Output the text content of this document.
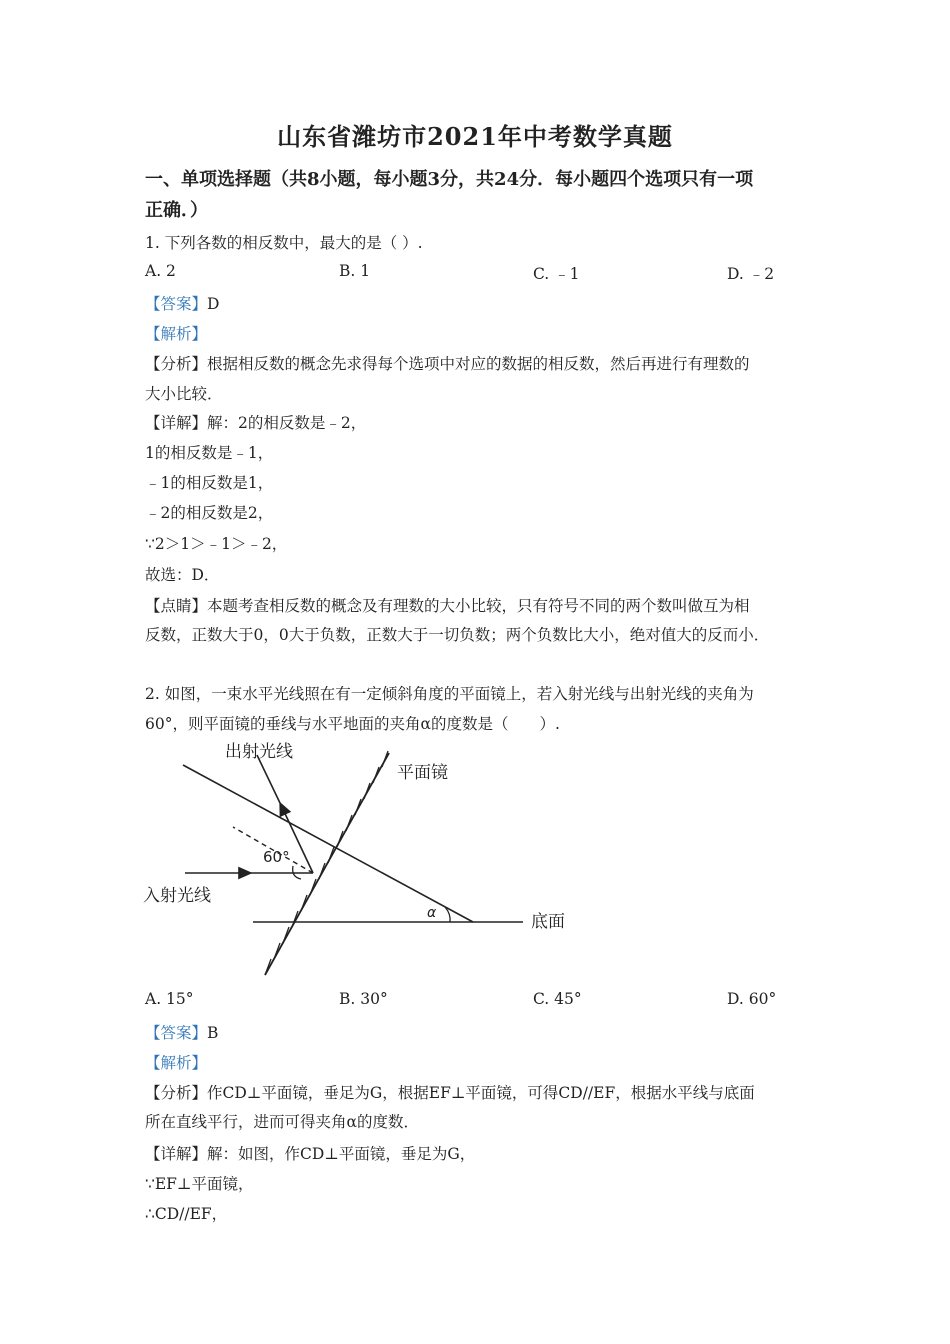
山东省潍坊市2021年中考数学真题
一、单项选择题（共8小题，每小题3分，共24分．每小题四个选项只有一项
正确．）
1. 下列各数的相反数中，最大的是（ ）.
A. 2	B. 1	C. ﹣1	D. ﹣2
【答案】D
【解析】
【分析】根据相反数的概念先求得每个选项中对应的数据的相反数，然后再进行有理数的
大小比较．
【详解】解：2的相反数是﹣2，
1的相反数是﹣1，
﹣1的相反数是1，
﹣2的相反数是2，
∵2＞1＞﹣1＞﹣2，
故选：D．
【点睛】本题考查相反数的概念及有理数的大小比较，只有符号不同的两个数叫做互为相
反数，正数大于0，0大于负数，正数大于一切负数；两个负数比大小，绝对值大的反而小．
2. 如图，一束水平光线照在有一定倾斜角度的平面镜上，若入射光线与出射光线的夹角为
60°，则平面镜的垂线与水平地面的夹角α的度数是（　　）.
出射光线
平面镜
60°
入射光线
α	底面
A. 15°	B. 30°	C. 45°	D. 60°
【答案】B
【解析】
【分析】作CD⊥平面镜，垂足为G，根据EF⊥平面镜，可得CD//EF，根据水平线与底面
所在直线平行，进而可得夹角α的度数．
【详解】解：如图，作CD⊥平面镜，垂足为G，
∵EF⊥平面镜，
∴CD//EF，
